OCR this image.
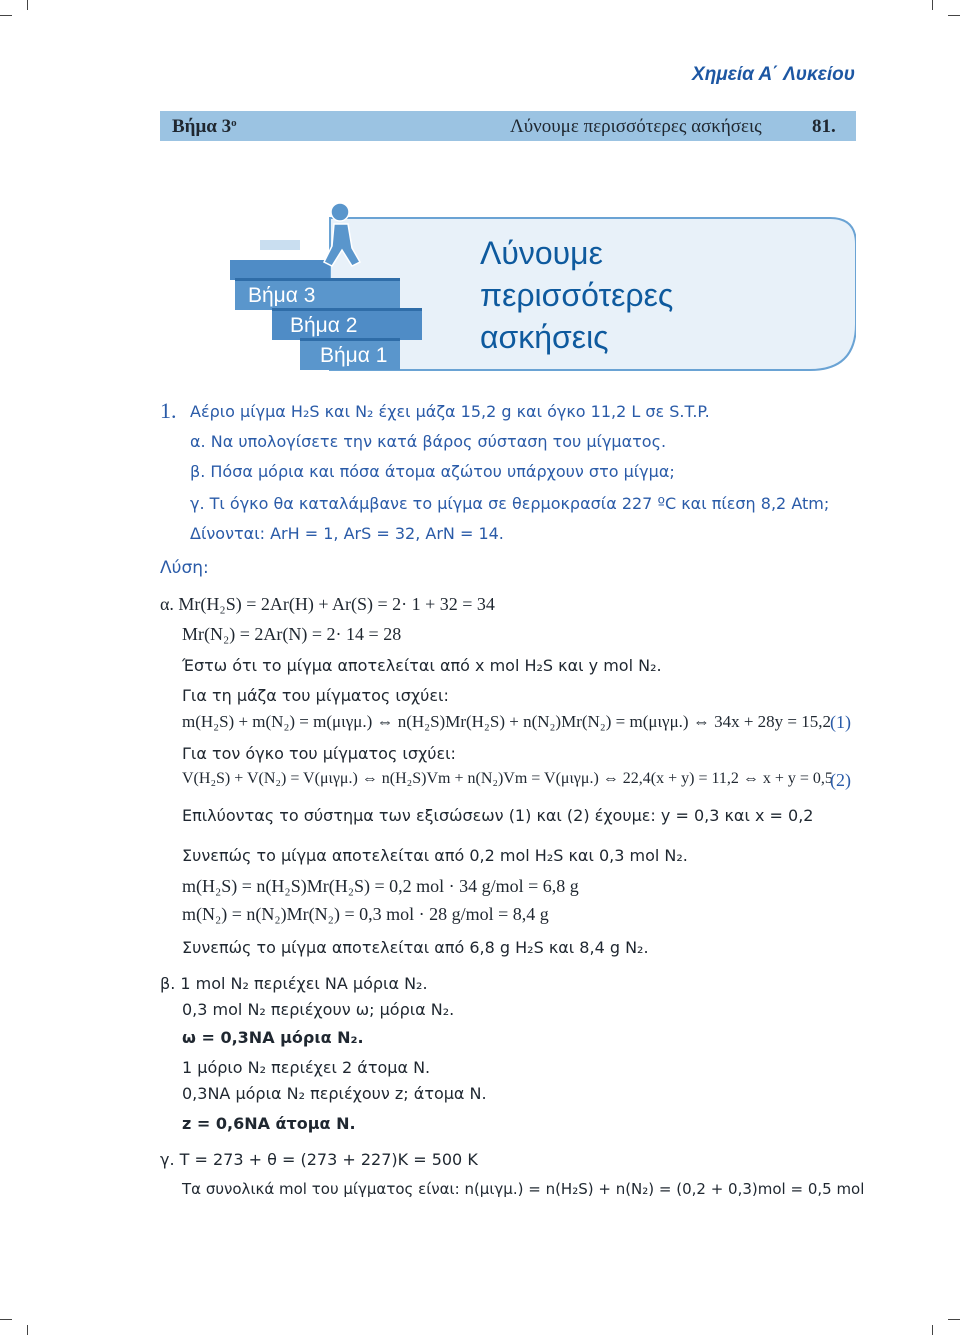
Χημεία Α΄ Λυκείου
Βήμα $3^o$	Λύνουμε περισσότερες ασκήσεις	81.
Βήμα 3
Βήμα 2
Βήμα 1
Λύνουμε
περισσότερες
ασκήσεις
1. Αέριο μίγμα H₂S και N₂ έχει μάζα 15,2 g και όγκο 11,2 L σε S.T.P.
α. Να υπολογίσετε την κατά βάρος σύσταση του μίγματος.
β. Πόσα μόρια και πόσα άτομα αζώτου υπάρχουν στο μίγμα;
γ. Τι όγκο θα καταλάμβανε το μίγμα σε θερμοκρασία 227 ºC και πίεση 8,2 Atm;
Δίνονται: ArH = 1, ArS = 32, ArN = 14.
Λύση:
α. Mr(H₂S) = 2Ar(H) + Ar(S) = 2· 1 + 32 = 34
Mr(N₂) = 2Ar(N) = 2· 14 = 28
Έστω ότι το μίγμα αποτελείται από x mol H₂S και y mol N₂.
Για τη μάζα του μίγματος ισχύει:
m(H₂S) + m(N₂) = m(μιγμ.) ⇔ n(H₂S)Mr(H₂S) + n(N₂)Mr(N₂) = m(μιγμ.) ⇔ 34x + 28y = 15,2
(1)
Για τον όγκο του μίγματος ισχύει:
V(H₂S) + V(N₂) = V(μιγμ.) ⇔ n(H₂S)Vm + n(N₂)Vm = V(μιγμ.) ⇔ 22,4(x + y) = 11,2 ⇔ x + y = 0,5
(2)
Επιλύοντας το σύστημα των εξισώσεων (1) και (2) έχουμε: y = 0,3 και x = 0,2
Συνεπώς το μίγμα αποτελείται από 0,2 mol H₂S και 0,3 mol N₂.
m(H₂S) = n(H₂S)Mr(H₂S) = 0,2 mol · 34 g/mol = 6,8 g
m(N₂) = n(N₂)Mr(N₂) = 0,3 mol · 28 g/mol = 8,4 g
Συνεπώς το μίγμα αποτελείται από 6,8 g H₂S και 8,4 g N₂.
β. 1 mol N₂ περιέχει NA μόρια N₂.
0,3 mol N₂ περιέχουν ω; μόρια N₂.
ω = 0,3NA μόρια N₂.
1 μόριο N₂ περιέχει 2 άτομα N.
0,3NA μόρια N₂ περιέχουν z; άτομα N.
z = 0,6NA άτομα N.
γ. T = 273 + θ = (273 + 227)K = 500 K
Τα συνολικά mol του μίγματος είναι: n(μιγμ.) = n(H₂S) + n(N₂) = (0,2 + 0,3)mol = 0,5 mol
